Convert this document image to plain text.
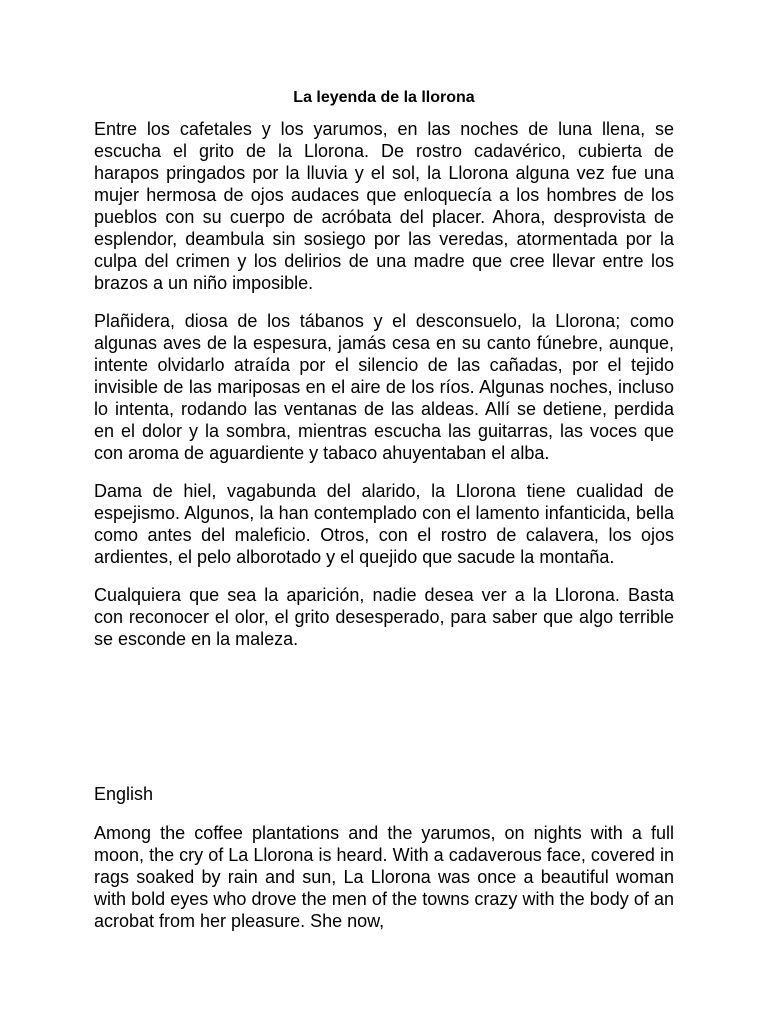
La leyenda de la llorona

Entre los cafetales y los yarumos, en las noches de luna llena, se escucha el grito de la Llorona. De rostro cadavérico, cubierta de harapos pringados por la lluvia y el sol, la Llorona alguna vez fue una mujer hermosa de ojos audaces que enloquecía a los hombres de los pueblos con su cuerpo de acróbata del placer. Ahora, desprovista de esplendor, deambula sin sosiego por las veredas, atormentada por la culpa del crimen y los delirios de una madre que cree llevar entre los brazos a un niño imposible.

Plañidera, diosa de los tábanos y el desconsuelo, la Llorona; como algunas aves de la espesura, jamás cesa en su canto fúnebre, aunque, intente olvidarlo atraída por el silencio de las cañadas, por el tejido invisible de las mariposas en el aire de los ríos. Algunas noches, incluso lo intenta, rodando las ventanas de las aldeas. Allí se detiene, perdida en el dolor y la sombra, mientras escucha las guitarras, las voces que con aroma de aguardiente y tabaco ahuyentaban el alba.

Dama de hiel, vagabunda del alarido, la Llorona tiene cualidad de espejismo. Algunos, la han contemplado con el lamento infanticida, bella como antes del maleficio. Otros, con el rostro de calavera, los ojos ardientes, el pelo alborotado y el quejido que sacude la montaña.

Cualquiera que sea la aparición, nadie desea ver a la Llorona. Basta con reconocer el olor, el grito desesperado, para saber que algo terrible se esconde en la maleza.

English

Among the coffee plantations and the yarumos, on nights with a full moon, the cry of La Llorona is heard. With a cadaverous face, covered in rags soaked by rain and sun, La Llorona was once a beautiful woman with bold eyes who drove the men of the towns crazy with the body of an acrobat from her pleasure. She now,
